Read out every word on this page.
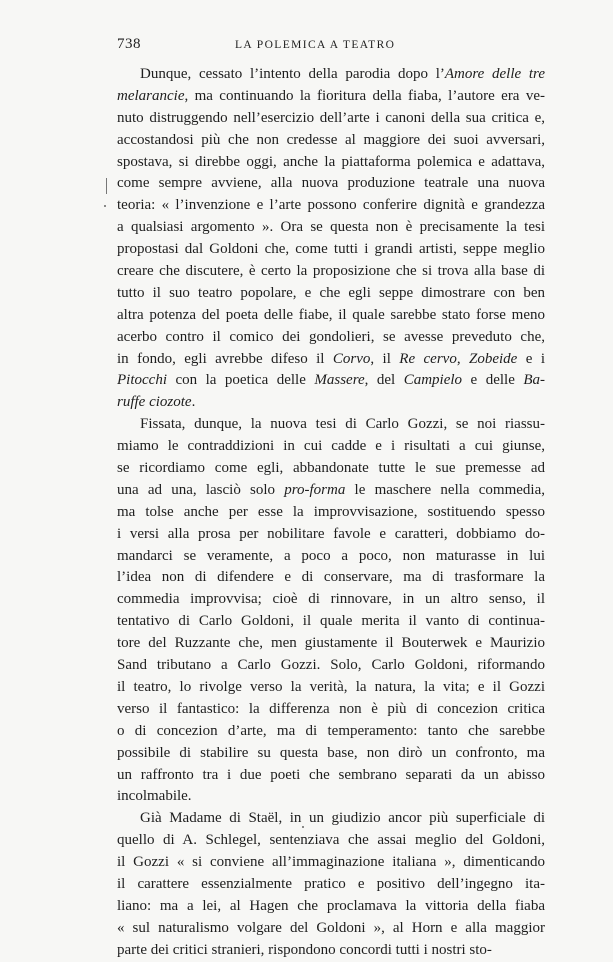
738	LA POLEMICA A TEATRO
Dunque, cessato l’intento della parodia dopo l’Amore delle tre
melarancie, ma continuando la fioritura della fiaba, l’autore era ve-
nuto distruggendo nell’esercizio dell’arte i canoni della sua critica e,
accostandosi più che non credesse al maggiore dei suoi avversari,
spostava, si direbbe oggi, anche la piattaforma polemica e adattava,
come sempre avviene, alla nuova produzione teatrale una nuova
teoria: « l’invenzione e l’arte possono conferire dignità e grandezza
a qualsiasi argomento ». Ora se questa non è precisamente la tesi
propostasi dal Goldoni che, come tutti i grandi artisti, seppe meglio
creare che discutere, è certo la proposizione che si trova alla base di
tutto il suo teatro popolare, e che egli seppe dimostrare con ben
altra potenza del poeta delle fiabe, il quale sarebbe stato forse meno
acerbo contro il comico dei gondolieri, se avesse preveduto che,
in fondo, egli avrebbe difeso il Corvo, il Re cervo, Zobeide e i
Pitocchi con la poetica delle Massere, del Campielo e delle Ba-
ruffe ciozote.
Fissata, dunque, la nuova tesi di Carlo Gozzi, se noi riassu-
miamo le contraddizioni in cui cadde e i risultati a cui giunse,
se ricordiamo come egli, abbandonate tutte le sue premesse ad
una ad una, lasciò solo pro-forma le maschere nella commedia,
ma tolse anche per esse la improvvisazione, sostituendo spesso
i versi alla prosa per nobilitare favole e caratteri, dobbiamo do-
mandarci se veramente, a poco a poco, non maturasse in lui
l’idea non di difendere e di conservare, ma di trasformare la
commedia improvvisa; cioè di rinnovare, in un altro senso, il
tentativo di Carlo Goldoni, il quale merita il vanto di continua-
tore del Ruzzante che, men giustamente il Bouterwek e Maurizio
Sand tributano a Carlo Gozzi. Solo, Carlo Goldoni, riformando
il teatro, lo rivolge verso la verità, la natura, la vita; e il Gozzi
verso il fantastico: la differenza non è più di concezion critica
o di concezion d’arte, ma di temperamento: tanto che sarebbe
possibile di stabilire su questa base, non dirò un confronto, ma
un raffronto tra i due poeti che sembrano separati da un abisso
incolmabile.
Già Madame di Staël, in un giudizio ancor più superficiale di
quello di A. Schlegel, sentenziava che assai meglio del Goldoni,
il Gozzi « si conviene all’immaginazione italiana », dimenticando
il carattere essenzialmente pratico e positivo dell’ingegno ita-
liano: ma a lei, al Hagen che proclamava la vittoria della fiaba
« sul naturalismo volgare del Goldoni », al Horn e alla maggior
parte dei critici stranieri, rispondono concordi tutti i nostri sto-
